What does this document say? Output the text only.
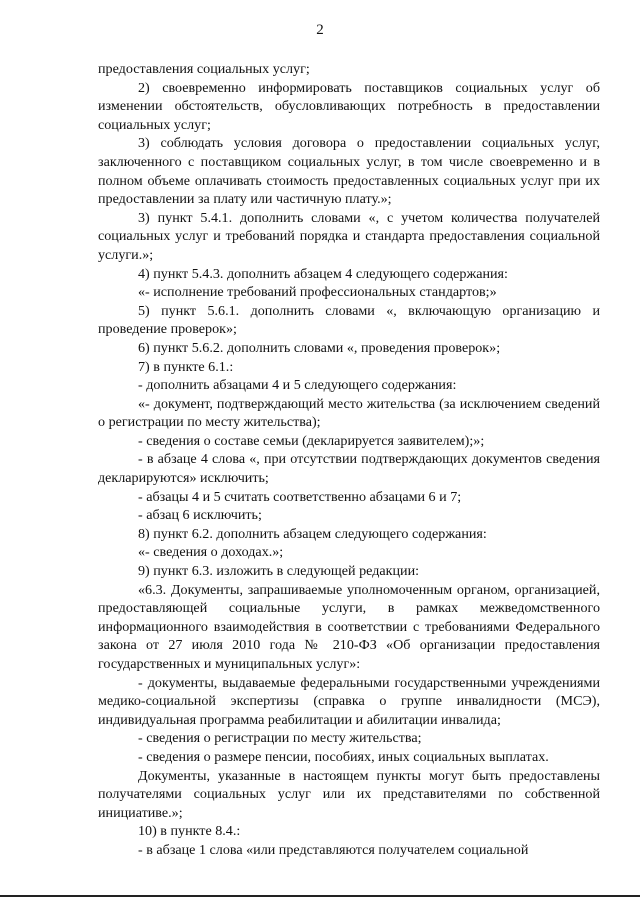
2

предоставления социальных услуг;

2) своевременно информировать поставщиков социальных услуг об изменении обстоятельств, обусловливающих потребность в предоставлении социальных услуг;

3) соблюдать условия договора о предоставлении социальных услуг, заключенного с поставщиком социальных услуг, в том числе своевременно и в полном объеме оплачивать стоимость предоставленных социальных услуг при их предоставлении за плату или частичную плату.»;

3) пункт 5.4.1. дополнить словами «, с учетом количества получателей социальных услуг и требований порядка и стандарта предоставления социальной услуги.»;

4) пункт 5.4.3. дополнить абзацем 4 следующего содержания:

«- исполнение требований профессиональных стандартов;»

5) пункт 5.6.1. дополнить словами «, включающую организацию и проведение проверок»;

6) пункт 5.6.2. дополнить словами «, проведения проверок»;

7) в пункте 6.1.:

- дополнить абзацами 4 и 5 следующего содержания:

«- документ, подтверждающий место жительства (за исключением сведений о регистрации по месту жительства);

- сведения о составе семьи (декларируется заявителем);»;

- в абзаце 4 слова «, при отсутствии подтверждающих документов сведения декларируются» исключить;

- абзацы 4 и 5 считать соответственно абзацами 6 и 7;

- абзац 6 исключить;

8) пункт 6.2. дополнить абзацем следующего содержания:

«- сведения о доходах.»;

9) пункт 6.3. изложить в следующей редакции:

«6.3. Документы, запрашиваемые уполномоченным органом, организацией, предоставляющей социальные услуги, в рамках межведомственного информационного взаимодействия в соответствии с требованиями Федерального закона от 27 июля 2010 года № 210-ФЗ «Об организации предоставления государственных и муниципальных услуг»:

- документы, выдаваемые федеральными государственными учреждениями медико-социальной экспертизы (справка о группе инвалидности (МСЭ), индивидуальная программа реабилитации и абилитации инвалида;

- сведения о регистрации по месту жительства;

- сведения о размере пенсии, пособиях, иных социальных выплатах.

Документы, указанные в настоящем пункты могут быть предоставлены получателями социальных услуг или их представителями по собственной инициативе.»;

10) в пункте 8.4.:

- в абзаце 1 слова «или представляются получателем социальной
